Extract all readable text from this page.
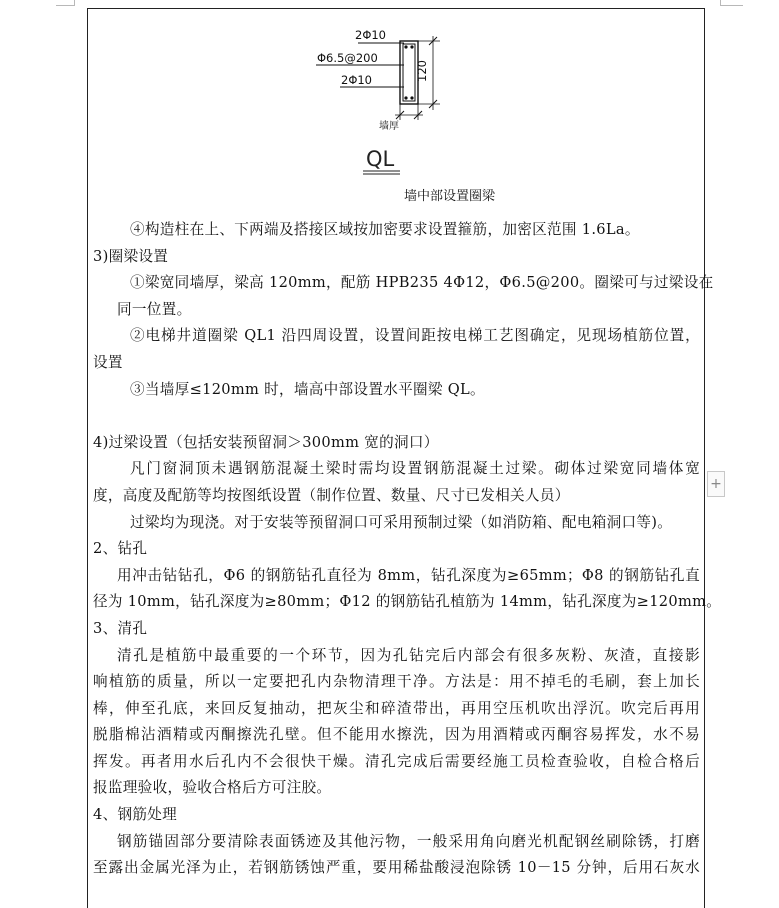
+
2Φ10
Φ6.5@200
2Φ10	120
墙厚
QL
墙中部设置圈梁
④构造柱在上、下两端及搭接区域按加密要求设置箍筋，加密区范围 1.6La。
3)圈梁设置
①梁宽同墙厚，梁高 120mm，配筋 HPB235 4Φ12，Φ6.5@200。圈梁可与过梁设在
同一位置。
②电梯井道圈梁 QL1 沿四周设置，设置间距按电梯工艺图确定，见现场植筋位置，
设置
③当墙厚≤120mm 时，墙高中部设置水平圈梁 QL。
4)过梁设置（包括安装预留洞＞300mm 宽的洞口）
凡门窗洞顶未遇钢筋混凝土梁时需均设置钢筋混凝土过梁。砌体过梁宽同墙体宽
度，高度及配筋等均按图纸设置（制作位置、数量、尺寸已发相关人员）
过梁均为现浇。对于安装等预留洞口可采用预制过梁（如消防箱、配电箱洞口等)。
2、钻孔
用冲击钻钻孔，Φ6 的钢筋钻孔直径为 8mm，钻孔深度为≥65mm；Φ8 的钢筋钻孔直
径为 10mm，钻孔深度为≥80mm；Φ12 的钢筋钻孔植筋为 14mm，钻孔深度为≥120mm。
3、清孔
清孔是植筋中最重要的一个环节，因为孔钻完后内部会有很多灰粉、灰渣，直接影
响植筋的质量，所以一定要把孔内杂物清理干净。方法是：用不掉毛的毛刷，套上加长
棒，伸至孔底，来回反复抽动，把灰尘和碎渣带出，再用空压机吹出浮沉。吹完后再用
脱脂棉沾酒精或丙酮擦洗孔壁。但不能用水擦洗，因为用酒精或丙酮容易挥发，水不易
挥发。再者用水后孔内不会很快干燥。清孔完成后需要经施工员检查验收，自检合格后
报监理验收，验收合格后方可注胶。
4、钢筋处理
钢筋锚固部分要清除表面锈迹及其他污物，一般采用角向磨光机配钢丝刷除锈，打磨
至露出金属光泽为止，若钢筋锈蚀严重，要用稀盐酸浸泡除锈 10－15 分钟，后用石灰水
